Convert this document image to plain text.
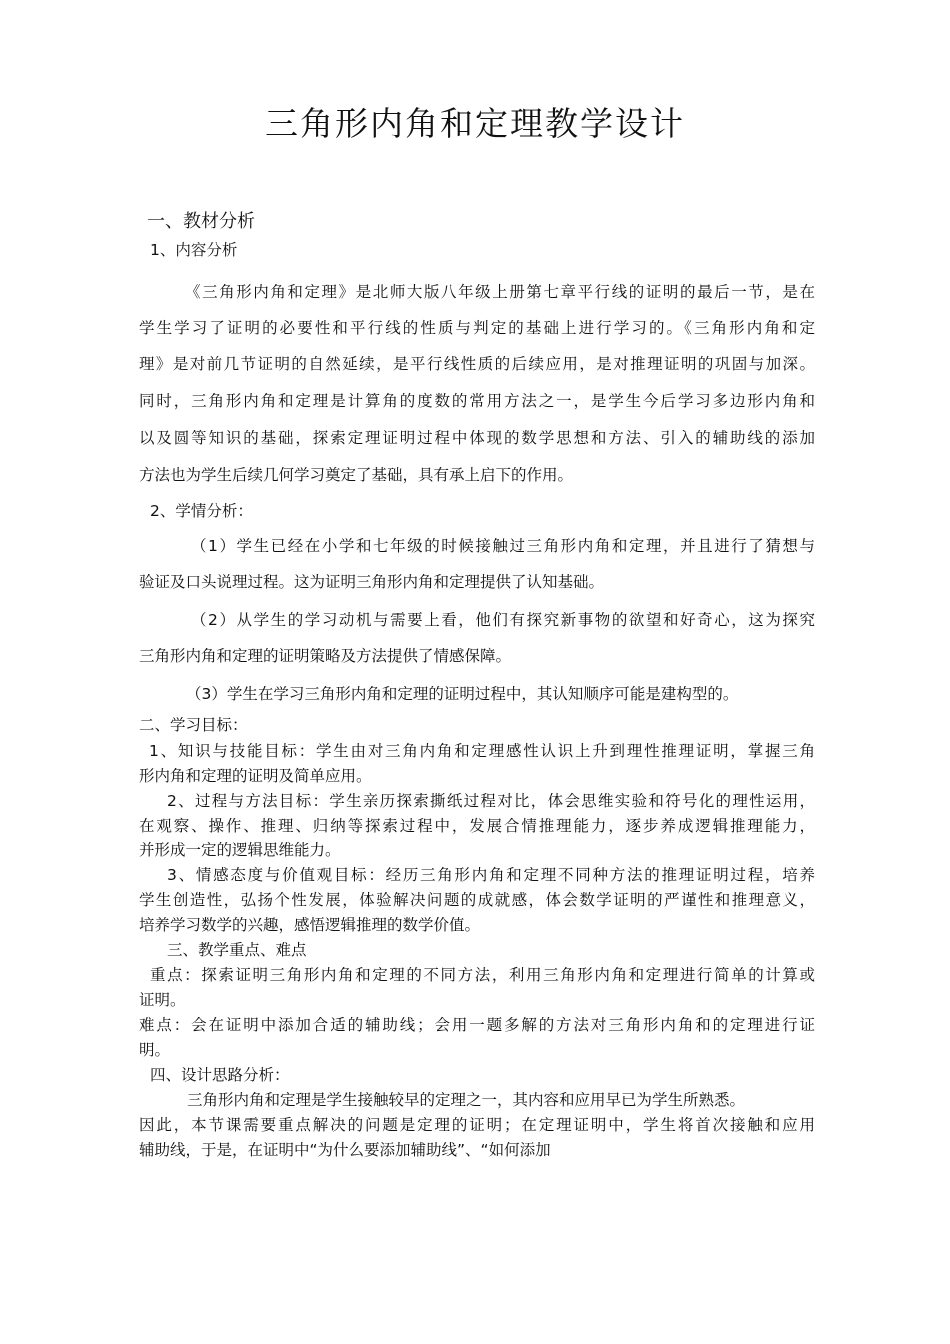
三角形内角和定理教学设计
一、教材分析
1、内容分析
《三角形内角和定理》是北师大版八年级上册第七章平行线的证明的最后一节，是在
学生学习了证明的必要性和平行线的性质与判定的基础上进行学习的。《三角形内角和定
理》是对前几节证明的自然延续，是平行线性质的后续应用，是对推理证明的巩固与加深。
同时，三角形内角和定理是计算角的度数的常用方法之一，是学生今后学习多边形内角和
以及圆等知识的基础，探索定理证明过程中体现的数学思想和方法、引入的辅助线的添加
方法也为学生后续几何学习奠定了基础，具有承上启下的作用。
2、学情分析：
（1）学生已经在小学和七年级的时候接触过三角形内角和定理，并且进行了猜想与
验证及口头说理过程。这为证明三角形内角和定理提供了认知基础。
（2）从学生的学习动机与需要上看，他们有探究新事物的欲望和好奇心，这为探究
三角形内角和定理的证明策略及方法提供了情感保障。
（3）学生在学习三角形内角和定理的证明过程中，其认知顺序可能是建构型的。
二、学习目标：
1、知识与技能目标：学生由对三角内角和定理感性认识上升到理性推理证明，掌握三角
形内角和定理的证明及简单应用。
2、过程与方法目标：学生亲历探索撕纸过程对比，体会思维实验和符号化的理性运用，
在观察、操作、推理、归纳等探索过程中，发展合情推理能力，逐步养成逻辑推理能力，
并形成一定的逻辑思维能力。
3、情感态度与价值观目标：经历三角形内角和定理不同种方法的推理证明过程，培养
学生创造性，弘扬个性发展，体验解决问题的成就感，体会数学证明的严谨性和推理意义，
培养学习数学的兴趣，感悟逻辑推理的数学价值。
三、教学重点、难点
重点：探索证明三角形内角和定理的不同方法，利用三角形内角和定理进行简单的计算或
证明。
难点：会在证明中添加合适的辅助线；会用一题多解的方法对三角形内角和的定理进行证
明。
四、设计思路分析：
三角形内角和定理是学生接触较早的定理之一，其内容和应用早已为学生所熟悉。
因此，本节课需要重点解决的问题是定理的证明；在定理证明中，学生将首次接触和应用
辅助线，于是，在证明中“为什么要添加辅助线”、“如何添加
